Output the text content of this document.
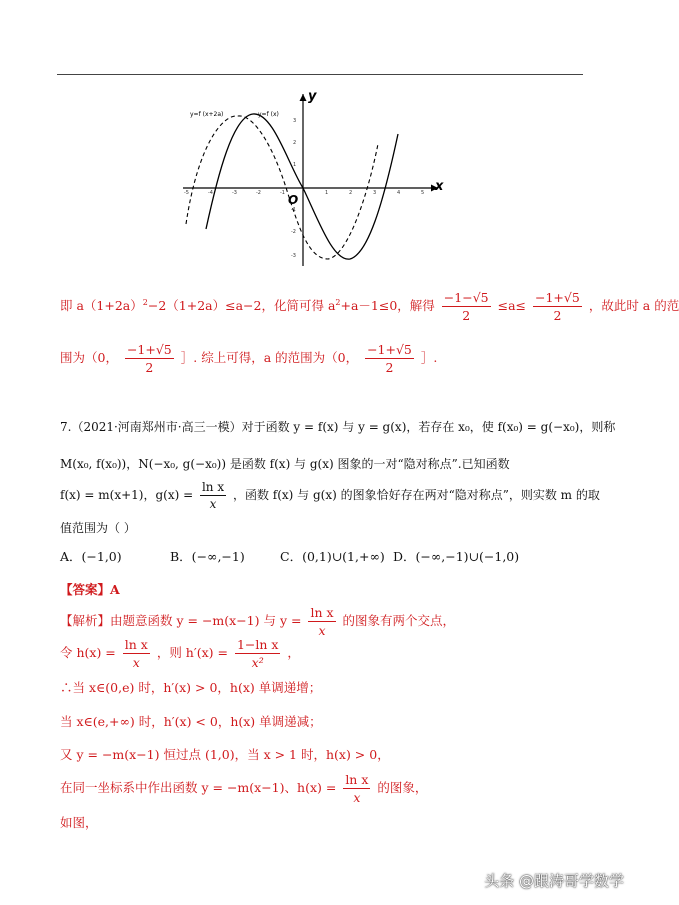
x
y
O
-5	-4	-3	-2	-1	1	2	3	4	5
3
2
1
-1
-2
-3
y=f (x+2a)	y=f (x)
即 $a(1+2a)^2-2(1+2a)\le a-2$，化简可得 $a^2+a-1\le 0$，解得 $\frac{-1-√5}{2} \le a\le \frac{-1+√5}{2}$ ，故此时 a 的范
围为（0， $\frac{-1+√5}{2}$ ］. 综上可得，a 的范围为（0， $\frac{-1+√5}{2}$ ］.
7.（2021·河南郑州市·高三一模）对于函数 y = f(x) 与 y = g(x)，若存在 x₀，使 f(x₀) = g(−x₀)，则称
M(x₀, f(x₀))，N(−x₀, g(−x₀)) 是函数 f(x) 与 g(x) 图象的一对“隐对称点”.已知函数
f(x) = m(x+1)，$g(x) = \frac{\text{ln x}}{x}$ ，函数 f(x) 与 g(x) 的图象恰好存在两对“隐对称点”，则实数 m 的取
值范围为（ ）
A．(−1,0)	B．(−∞,−1)	C．(0,1)∪(1,+∞) D．(−∞,−1)∪(−1,0)
【答案】A
【解析】由题意函数 y = −m(x−1) 与 $y = \frac{\text{ln x}}{x}$ 的图象有两个交点，
令 $h(x) = \frac{\text{ln x}}{x}$ ，则 $h'(x) = \frac{\text{1−ln x}}{\text{x²}}$ ，
∴当 x∈(0,e) 时，h′(x) > 0，h(x) 单调递增；
当 x∈(e,+∞) 时，h′(x) < 0，h(x) 单调递减；
又 y = −m(x−1) 恒过点 (1,0)，当 x > 1 时，h(x) > 0，
在同一坐标系中作出函数 y = −m(x−1)、$h(x) = \frac{\text{ln x}}{x}$ 的图象，
如图，
头条 @跟涛哥学数学
